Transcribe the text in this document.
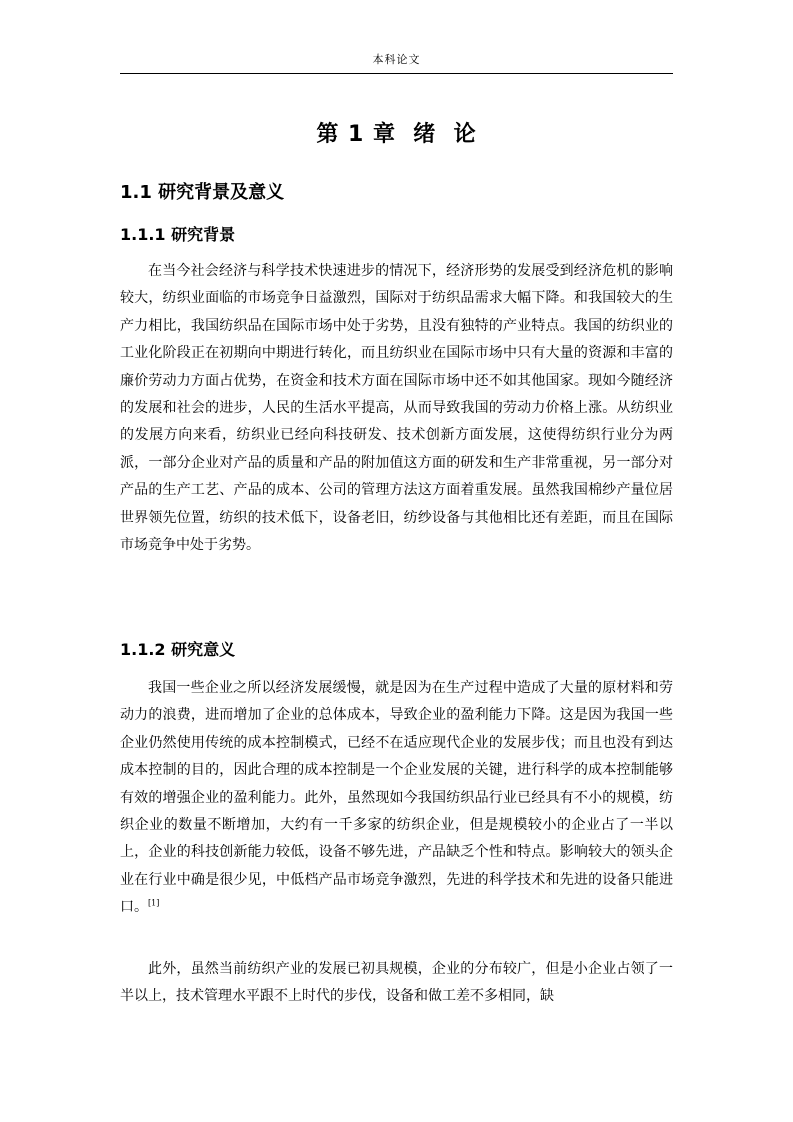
本科论文
第 1 章  绪  论
1.1 研究背景及意义
1.1.1 研究背景

在当今社会经济与科学技术快速进步的情况下，经济形势的发展受到经济危机的影响较大，纺织业面临的市场竞争日益激烈，国际对于纺织品需求大幅下降。和我国较大的生产力相比，我国纺织品在国际市场中处于劣势，且没有独特的产业特点。我国的纺织业的工业化阶段正在初期向中期进行转化，而且纺织业在国际市场中只有大量的资源和丰富的廉价劳动力方面占优势，在资金和技术方面在国际市场中还不如其他国家。现如今随经济的发展和社会的进步，人民的生活水平提高，从而导致我国的劳动力价格上涨。从纺织业的发展方向来看，纺织业已经向科技研发、技术创新方面发展，这使得纺织行业分为两派，一部分企业对产品的质量和产品的附加值这方面的研发和生产非常重视，另一部分对产品的生产工艺、产品的成本、公司的管理方法这方面着重发展。虽然我国棉纱产量位居世界领先位置，纺织的技术低下，设备老旧，纺纱设备与其他相比还有差距，而且在国际市场竞争中处于劣势。

1.1.2 研究意义

我国一些企业之所以经济发展缓慢，就是因为在生产过程中造成了大量的原材料和劳动力的浪费，进而增加了企业的总体成本，导致企业的盈利能力下降。这是因为我国一些企业仍然使用传统的成本控制模式，已经不在适应现代企业的发展步伐；而且也没有到达成本控制的目的，因此合理的成本控制是一个企业发展的关键，进行科学的成本控制能够有效的增强企业的盈利能力。此外，虽然现如今我国纺织品行业已经具有不小的规模，纺织企业的数量不断增加，大约有一千多家的纺织企业，但是规模较小的企业占了一半以上，企业的科技创新能力较低，设备不够先进，产品缺乏个性和特点。影响较大的领头企业在行业中确是很少见，中低档产品市场竞争激烈，先进的科学技术和先进的设备只能进口。[1]

此外，虽然当前纺织产业的发展已初具规模，企业的分布较广，但是小企业占领了一半以上，技术管理水平跟不上时代的步伐，设备和做工差不多相同，缺
